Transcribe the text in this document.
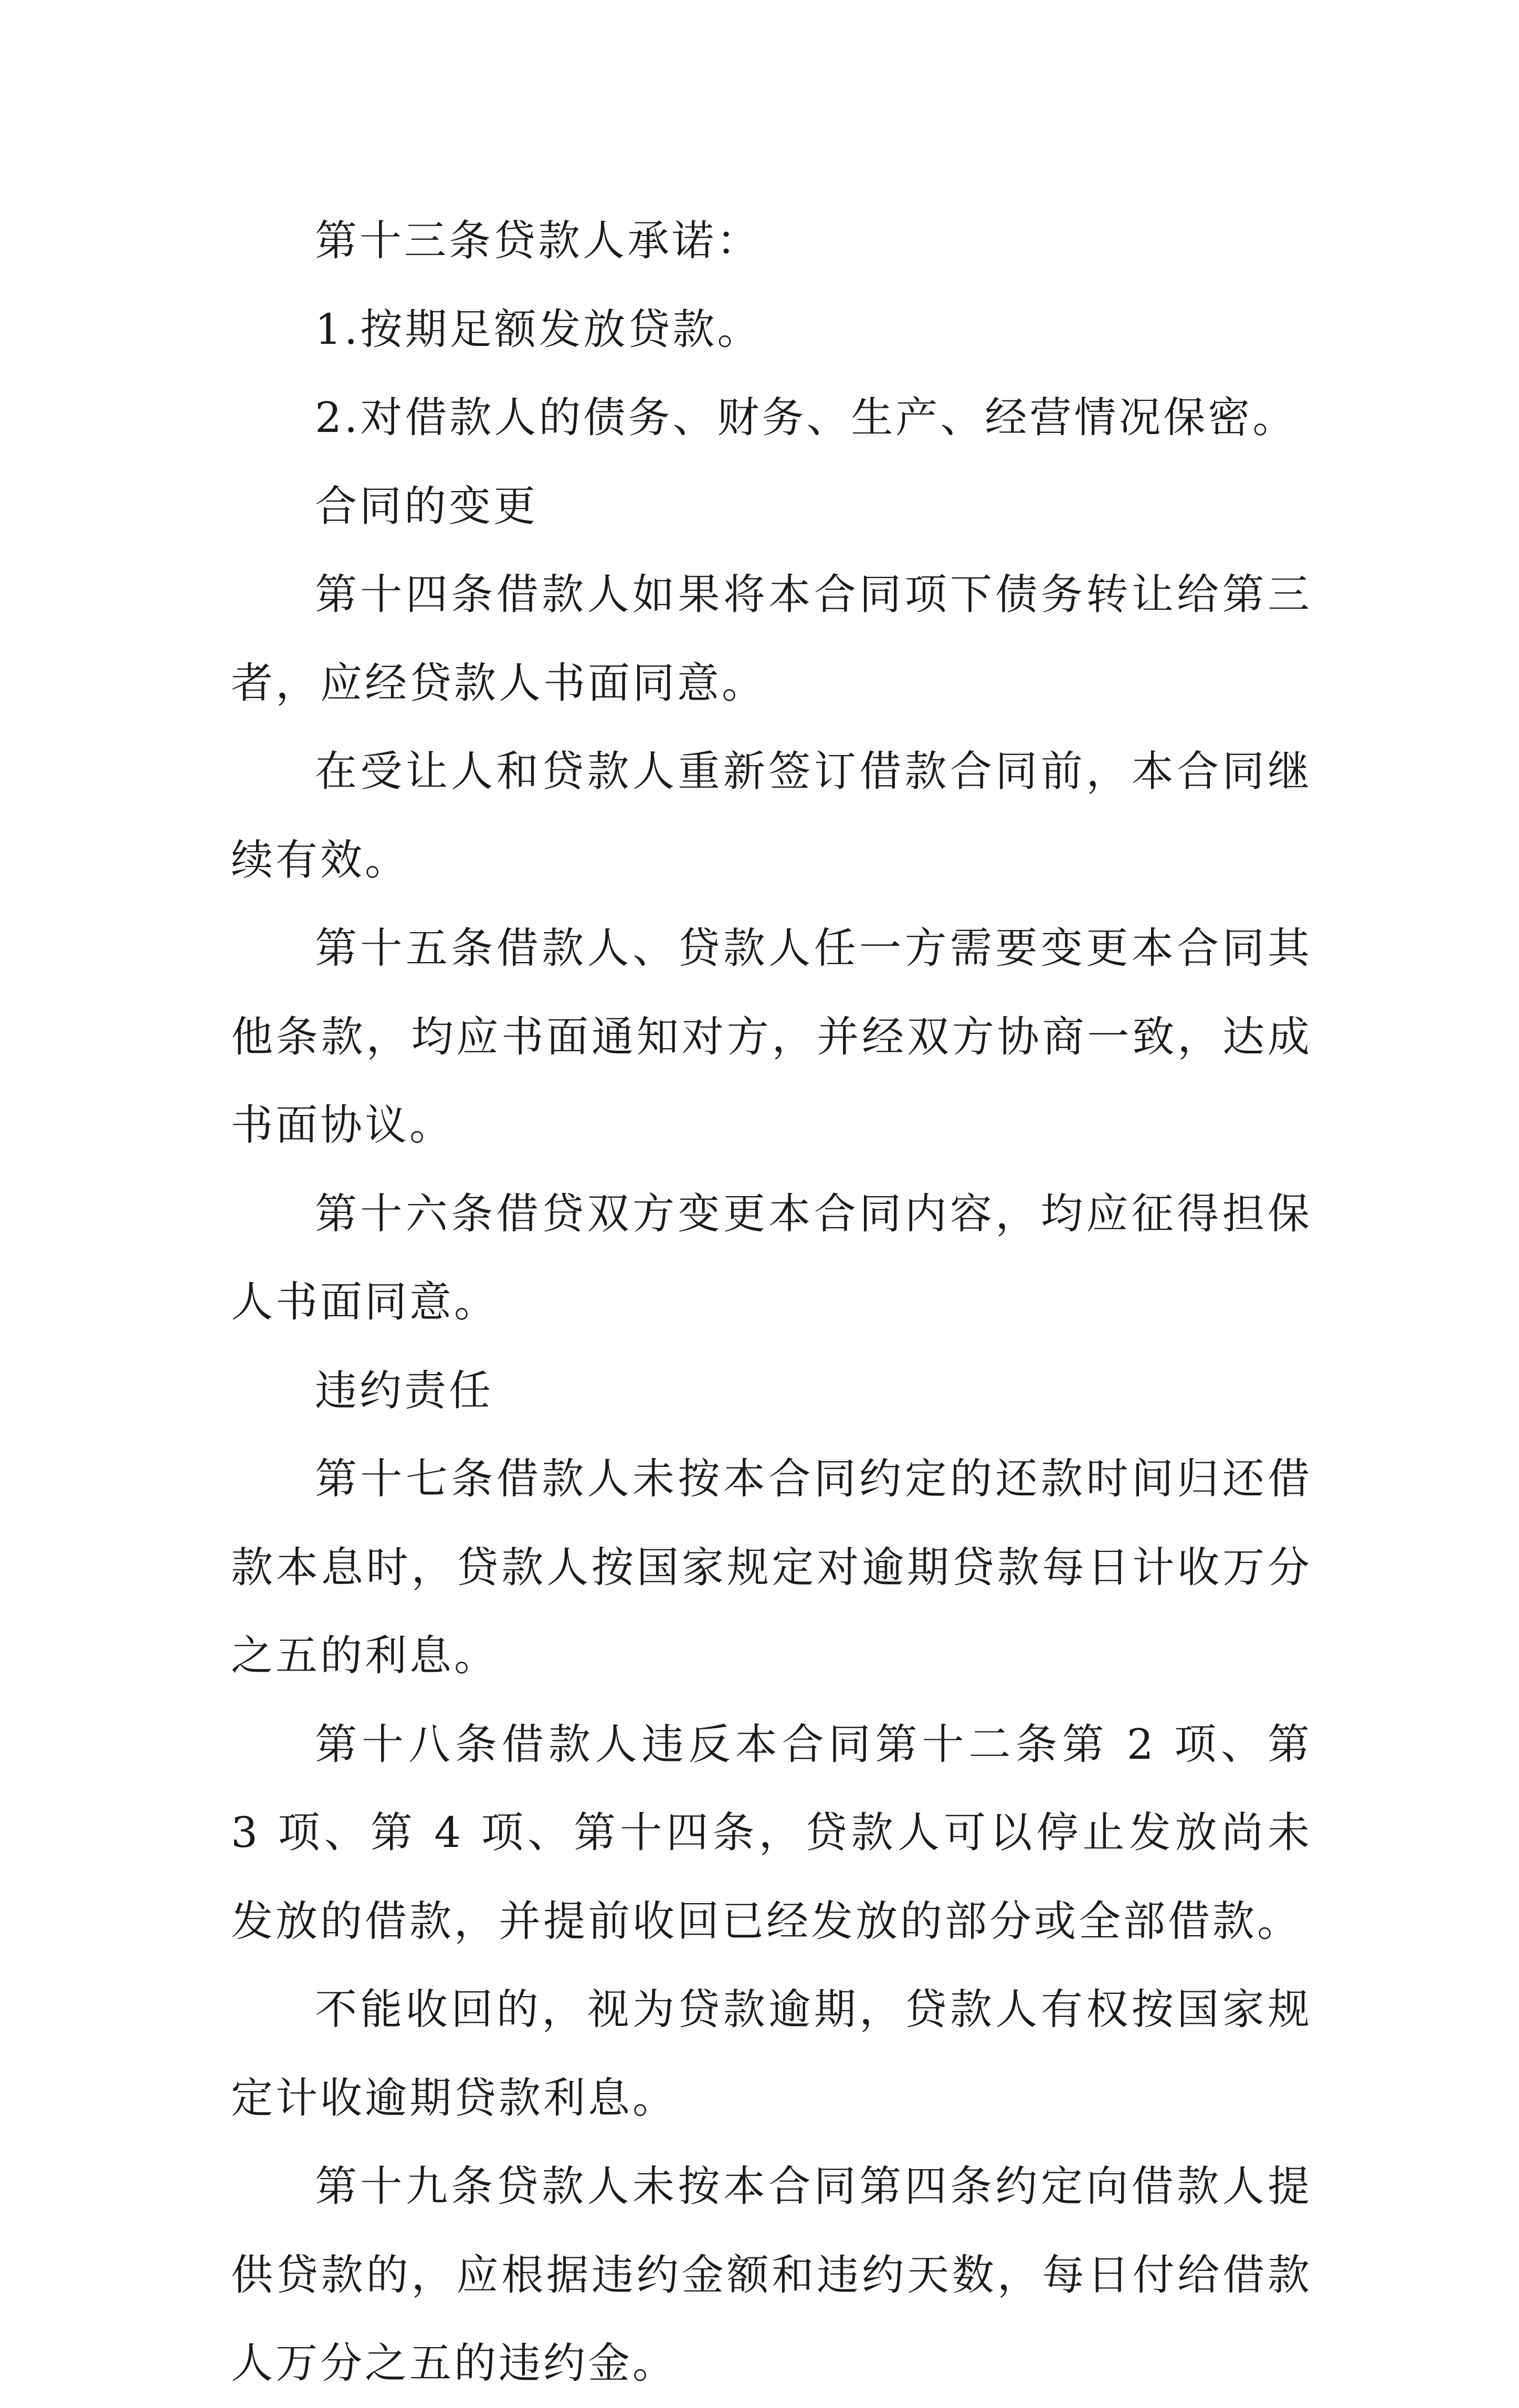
第十三条贷款人承诺：

1.按期足额发放贷款。

2.对借款人的债务、财务、生产、经营情况保密。

合同的变更

第十四条借款人如果将本合同项下债务转让给第三者，应经贷款人书面同意。

在受让人和贷款人重新签订借款合同前，本合同继续有效。

第十五条借款人、贷款人任一方需要变更本合同其他条款，均应书面通知对方，并经双方协商一致，达成书面协议。

第十六条借贷双方变更本合同内容，均应征得担保人书面同意。

违约责任

第十七条借款人未按本合同约定的还款时间归还借款本息时，贷款人按国家规定对逾期贷款每日计收万分之五的利息。

第十八条借款人违反本合同第十二条第 2 项、第 3 项、第 4 项、第十四条，贷款人可以停止发放尚未发放的借款，并提前收回已经发放的部分或全部借款。

不能收回的，视为贷款逾期，贷款人有权按国家规定计收逾期贷款利息。

第十九条贷款人未按本合同第四条约定向借款人提供贷款的，应根据违约金额和违约天数，每日付给借款人万分之五的违约金。
